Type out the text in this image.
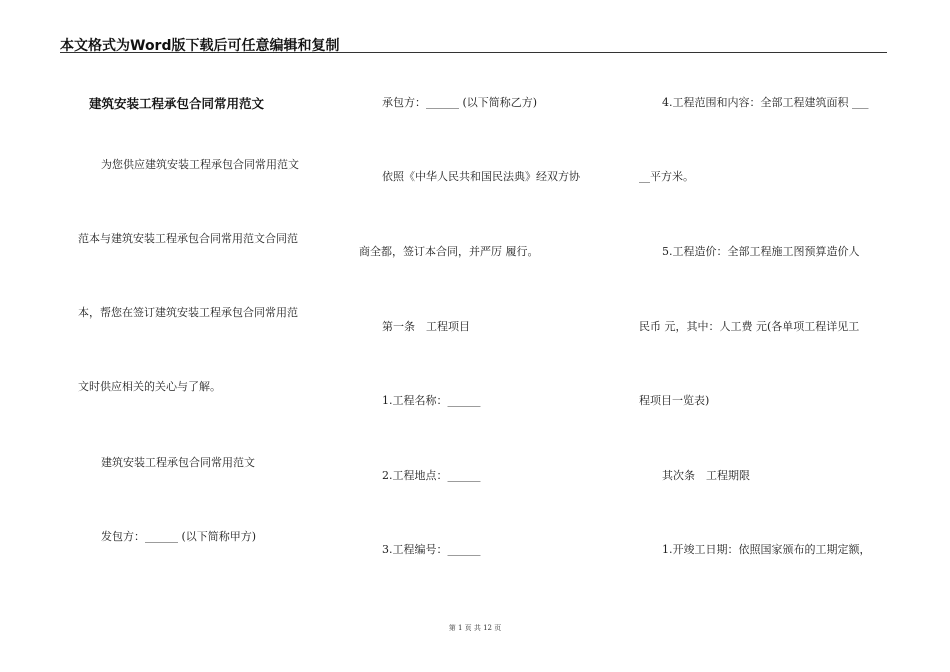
本文格式为Word版下载后可任意编辑和复制
建筑安装工程承包合同常用范文
为您供应建筑安装工程承包合同常用范文
范本与建筑安装工程承包合同常用范文合同范
本，帮您在签订建筑安装工程承包合同常用范
文时供应相关的关心与了解。
建筑安装工程承包合同常用范文
发包方：______ (以下简称甲方)
承包方：______ (以下简称乙方)
依照《中华人民共和国民法典》经双方协
商全都，签订本合同，并严厉 履行。
第一条　工程项目
1.工程名称：______
2.工程地点：______
3.工程编号：______
4.工程范围和内容：全部工程建筑面积 ___
__平方米。
5.工程造价：全部工程施工图预算造价人
民币 元，其中：人工费 元(各单项工程详见工
程项目一览表)
其次条　工程期限
1.开竣工日期：依照国家颁布的工期定额，
第 1 页 共 12 页
